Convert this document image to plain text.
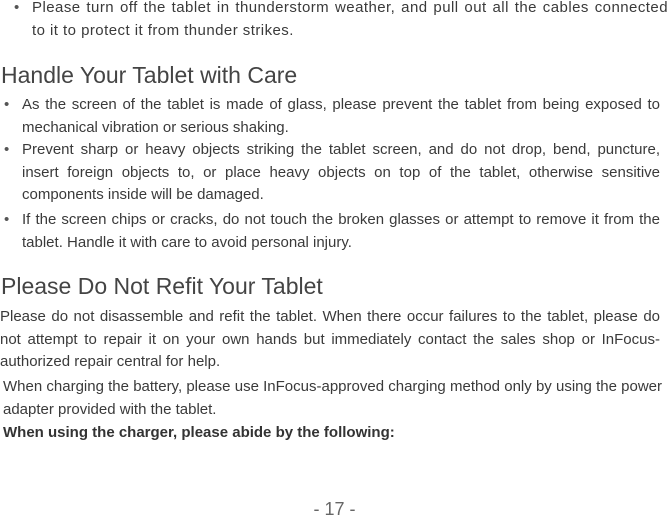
• Please turn off the tablet in thunderstorm weather, and pull out all the cables connected to it to protect it from thunder strikes.
Handle Your Tablet with Care
• As the screen of the tablet is made of glass, please prevent the tablet from being exposed to mechanical vibration or serious shaking.
• Prevent sharp or heavy objects striking the tablet screen, and do not drop, bend, puncture, insert foreign objects to, or place heavy objects on top of the tablet, otherwise sensitive components inside will be damaged.
• If the screen chips or cracks, do not touch the broken glasses or attempt to remove it from the tablet. Handle it with care to avoid personal injury.
Please Do Not Refit Your Tablet

Please do not disassemble and refit the tablet. When there occur failures to the tablet, please do not attempt to repair it on your own hands but immediately contact the sales shop or InFocus-authorized repair central for help.

When charging the battery, please use InFocus-approved charging method only by using the power adapter provided with the tablet.

When using the charger, please abide by the following:
- 17 -
